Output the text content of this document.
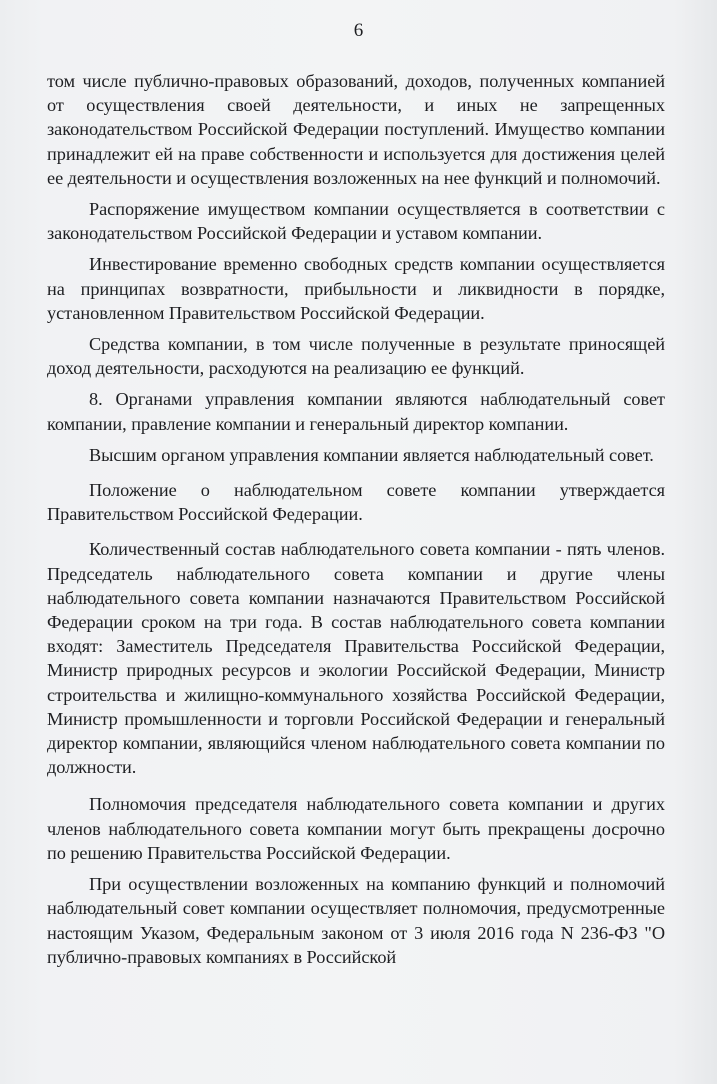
6

том числе публично-правовых образований, доходов, полученных компанией от осуществления своей деятельности, и иных не запрещенных законодательством Российской Федерации поступлений. Имущество компании принадлежит ей на праве собственности и используется для достижения целей ее деятельности и осуществления возложенных на нее функций и полномочий.

Распоряжение имуществом компании осуществляется в соответствии с законодательством Российской Федерации и уставом компании.

Инвестирование временно свободных средств компании осуществляется на принципах возвратности, прибыльности и ликвидности в порядке, установленном Правительством Российской Федерации.

Средства компании, в том числе полученные в результате приносящей доход деятельности, расходуются на реализацию ее функций.

8. Органами управления компании являются наблюдательный совет компании, правление компании и генеральный директор компании.

Высшим органом управления компании является наблюдательный совет.

Положение о наблюдательном совете компании утверждается Правительством Российской Федерации.

Количественный состав наблюдательного совета компании - пять членов. Председатель наблюдательного совета компании и другие члены наблюдательного совета компании назначаются Правительством Российской Федерации сроком на три года. В состав наблюдательного совета компании входят: Заместитель Председателя Правительства Российской Федерации, Министр природных ресурсов и экологии Российской Федерации, Министр строительства и жилищно-коммунального хозяйства Российской Федерации, Министр промышленности и торговли Российской Федерации и генеральный директор компании, являющийся членом наблюдательного совета компании по должности.

Полномочия председателя наблюдательного совета компании и других членов наблюдательного совета компании могут быть прекращены досрочно по решению Правительства Российской Федерации.

При осуществлении возложенных на компанию функций и полномочий наблюдательный совет компании осуществляет полномочия, предусмотренные настоящим Указом, Федеральным законом от 3 июля 2016 года N 236-ФЗ "О публично-правовых компаниях в Российской
